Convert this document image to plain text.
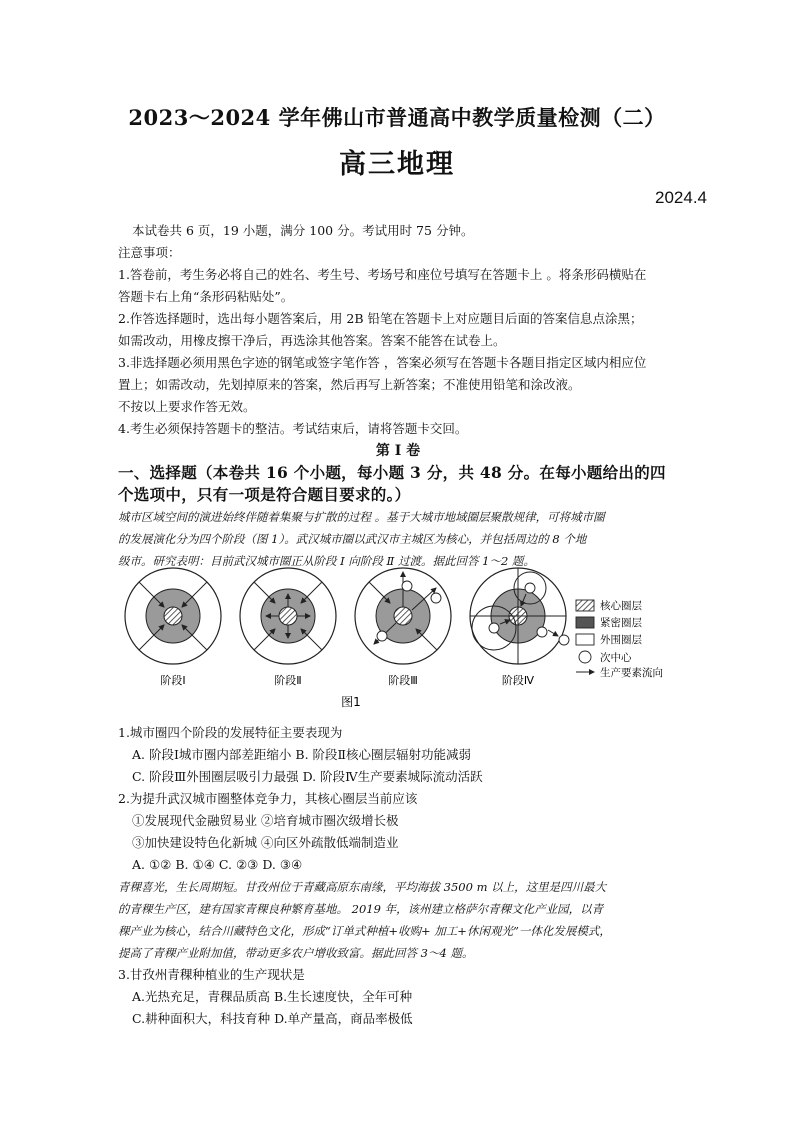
2023～2024 学年佛山市普通高中教学质量检测（二）
高三地理
2024.4

本试卷共 6 页，19 小题，满分 100 分。考试用时 75 分钟。

注意事项：

1.答卷前，考生务必将自己的姓名、考生号、考场号和座位号填写在答题卡上 。将条形码横贴在

答题卡右上角“条形码粘贴处”。

2.作答选择题时，选出每小题答案后，用 2B 铅笔在答题卡上对应题目后面的答案信息点涂黑；

如需改动，用橡皮擦干净后，再选涂其他答案。答案不能答在试卷上。

3.非选择题必须用黑色字迹的钢笔或签字笔作答 ，答案必须写在答题卡各题目指定区域内相应位

置上；如需改动，先划掉原来的答案，然后再写上新答案；不准使用铅笔和涂改液。

不按以上要求作答无效。

4.考生必须保持答题卡的整洁。考试结束后，请将答题卡交回。

第 Ⅰ 卷

一、选择题（本卷共 16 个小题，每小题 3 分，共 48 分。在每小题给出的四

个选项中，只有一项是符合题目要求的。）

城市区域空间的演进始终伴随着集聚与扩散的过程 。基于大城市地域圈层聚散规律，可将城市圈

的发展演化分为四个阶段（图 1）。武汉城市圈以武汉市主城区为核心，并包括周边的 8 个地

级市。研究表明：目前武汉城市圈正从阶段 Ⅰ 向阶段 Ⅱ 过渡。据此回答 1～2 题。

阶段Ⅰ	阶段Ⅱ	阶段Ⅲ	阶段Ⅳ
核心圈层
紧密圈层
外围圈层
次中心
生产要素流向
图1

1.城市圈四个阶段的发展特征主要表现为

A. 阶段Ⅰ城市圈内部差距缩小 B. 阶段Ⅱ核心圈层辐射功能减弱

C. 阶段Ⅲ外围圈层吸引力最强 D. 阶段Ⅳ生产要素城际流动活跃

2.为提升武汉城市圈整体竞争力，其核心圈层当前应该

①发展现代金融贸易业 ②培育城市圈次级增长极

③加快建设特色化新城 ④向区外疏散低端制造业

A. ①② B. ①④ C. ②③ D. ③④

青稞喜光，生长周期短。甘孜州位于青藏高原东南缘，平均海拔 3500 m 以上，这里是四川最大

的青稞生产区，建有国家青稞良种繁育基地。 2019 年，该州建立格萨尔青稞文化产业园，以青

稞产业为核心，结合川藏特色文化，形成“订单式种植+收购+ 加工+休闲观光”一体化发展模式，

提高了青稞产业附加值，带动更多农户增收致富。据此回答 3～4 题。

3.甘孜州青稞种植业的生产现状是

A.光热充足，青稞品质高 B.生长速度快，全年可种

C.耕种面积大，科技育种 D.单产量高，商品率极低
